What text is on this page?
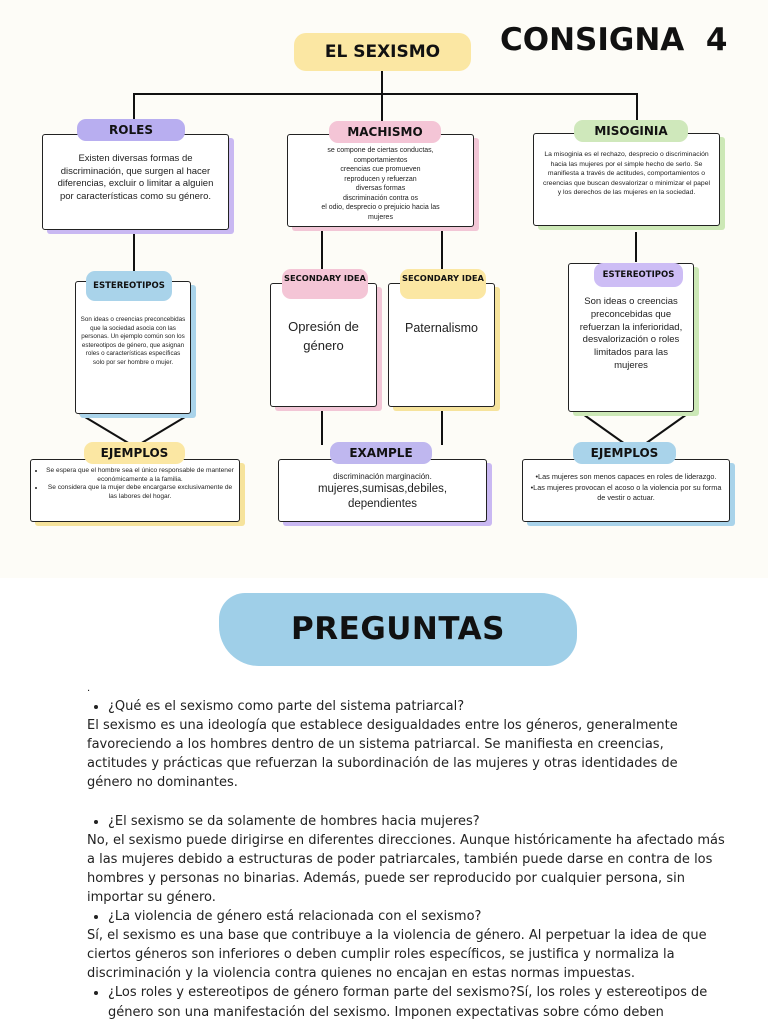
EL SEXISMO	CONSIGNA  4
Existen diversas formas de discriminación, que surgen al hacer diferencias, excluir o limitar a alguien por características como su género.
ROLES
se compone de ciertas conductas,
comportamientos
creencias cue promueven
reproducen y refuerzan
diversas formas
discriminación contra os
el odio, desprecio o prejuicio hacia las
mujeres
MACHISMO
La misoginia es el rechazo, desprecio o discriminación hacia las mujeres por el simple hecho de serlo. Se manifiesta a través de actitudes, comportamientos o creencias que buscan desvalorizar o minimizar el papel y los derechos de las mujeres en la sociedad.
MISOGINIA
Son ideas o creencias preconcebidas que la sociedad asocia con las personas. Un ejemplo común son los estereotipos de género, que asignan roles o características específicas solo por ser hombre o mujer.
ESTEREOTIPOS
Opresión de género
SECONDARY IDEA
Paternalismo
SECONDARY IDEA
Son ideas o creencias preconcebidas que refuerzan la inferioridad, desvalorización o roles limitados para las mujeres
ESTEREOTIPOS
• Se espera que el hombre sea el único responsable de mantener económicamente a la familia.
• Se considera que la mujer debe encargarse exclusivamente de las labores del hogar.
EJEMPLOS
discriminación marginación.
mujeres,sumisas,debiles, dependientes
EXAMPLE
•Las mujeres son menos capaces en roles de liderazgo.
•Las mujeres provocan el acoso o la violencia por su forma de vestir o actuar.
EJEMPLOS
PREGUNTAS
.
• ¿Qué es el sexismo como parte del sistema patriarcal?

El sexismo es una ideología que establece desigualdades entre los géneros, generalmente favoreciendo a los hombres dentro de un sistema patriarcal. Se manifiesta en creencias, actitudes y prácticas que refuerzan la subordinación de las mujeres y otras identidades de género no dominantes.

• ¿El sexismo se da solamente de hombres hacia mujeres?

No, el sexismo puede dirigirse en diferentes direcciones. Aunque históricamente ha afectado más a las mujeres debido a estructuras de poder patriarcales, también puede darse en contra de los hombres y personas no binarias. Además, puede ser reproducido por cualquier persona, sin importar su género.

• ¿La violencia de género está relacionada con el sexismo?

Sí, el sexismo es una base que contribuye a la violencia de género. Al perpetuar la idea de que ciertos géneros son inferiores o deben cumplir roles específicos, se justifica y normaliza la discriminación y la violencia contra quienes no encajan en estas normas impuestas.

• ¿Los roles y estereotipos de género forman parte del sexismo?Sí, los roles y estereotipos de género son una manifestación del sexismo. Imponen expectativas sobre cómo deben
